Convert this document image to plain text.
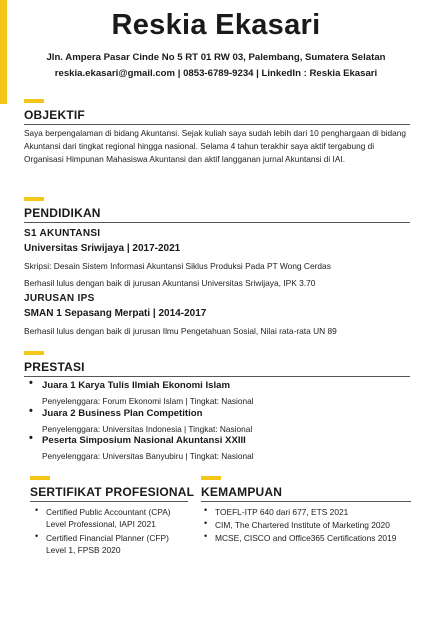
Reskia Ekasari
Jln. Ampera Pasar Cinde No 5 RT 01 RW 03, Palembang, Sumatera Selatan
reskia.ekasari@gmail.com | 0853-6789-9234 | LinkedIn : Reskia Ekasari
OBJEKTIF
Saya berpengalaman di bidang Akuntansi. Sejak kuliah saya sudah lebih dari 10 penghargaan di bidang Akuntansi dari tingkat regional hingga nasional. Selama 4 tahun terakhir saya aktif tergabung di Organisasi Himpunan Mahasiswa Akuntansi dan aktif langganan jurnal Akuntansi di IAI.
PENDIDIKAN
S1 AKUNTANSI
Universitas Sriwijaya | 2017-2021
Skripsi: Desain Sistem Informasi Akuntansi Siklus Produksi Pada PT Wong Cerdas
Berhasil lulus dengan baik di jurusan Akuntansi Universitas Sriwijaya, IPK 3.70
JURUSAN IPS
SMAN 1 Sepasang Merpati | 2014-2017
Berhasil lulus dengan baik di jurusan Ilmu Pengetahuan Sosial, Nilai rata-rata UN 89
PRESTASI
• Juara 1 Karya Tulis Ilmiah Ekonomi Islam
Penyelenggara: Forum Ekonomi Islam | Tingkat: Nasional
• Juara 2 Business Plan Competition
Penyelenggara: Universitas Indonesia | Tingkat: Nasional
• Peserta Simposium Nasional Akuntansi XXIII
Penyelenggara: Universitas Banyubiru | Tingkat: Nasional
SERTIFIKAT PROFESIONAL
• Certified Public Accountant (CPA)
Level Professional, IAPI 2021
• Certified Financial Planner (CFP)
Level 1, FPSB 2020
KEMAMPUAN
• TOEFL-ITP 640 dari 677, ETS 2021
• CIM, The Chartered Institute of Marketing 2020
• MCSE, CISCO and Office365 Certifications 2019
